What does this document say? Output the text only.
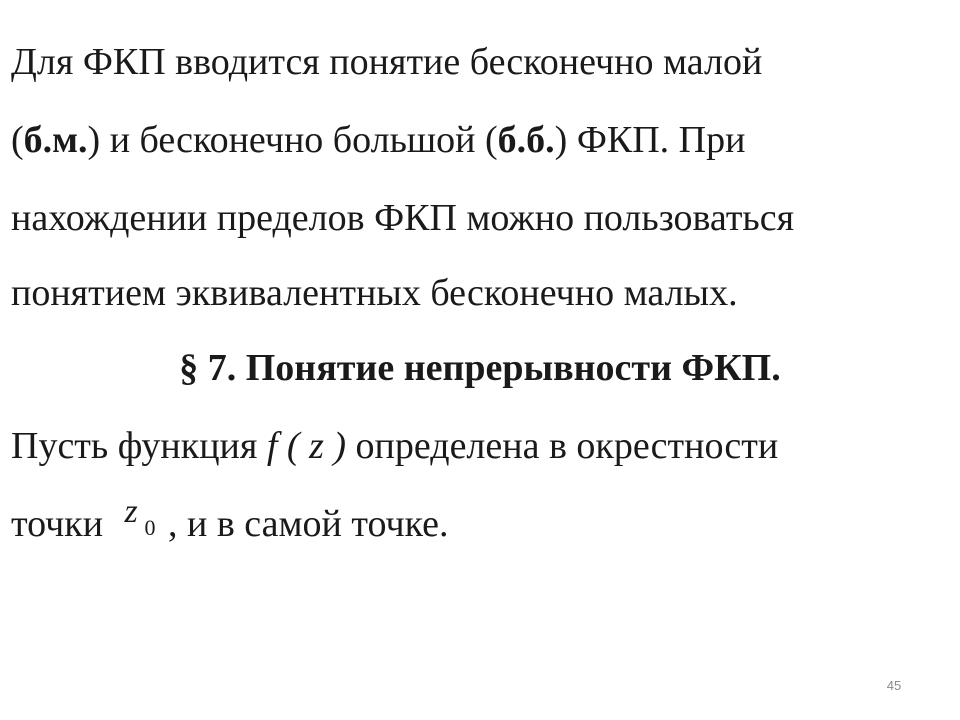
Для ФКП вводится понятие бесконечно малой
(б.м.) и бесконечно большой (б.б.) ФКП. При
нахождении пределов ФКП можно пользоваться
понятием эквивалентных бесконечно малых.
§ 7. Понятие непрерывности ФКП.
Пусть функция f ( z ) определена в окрестности
точки z 0 , и в самой точке.
45
